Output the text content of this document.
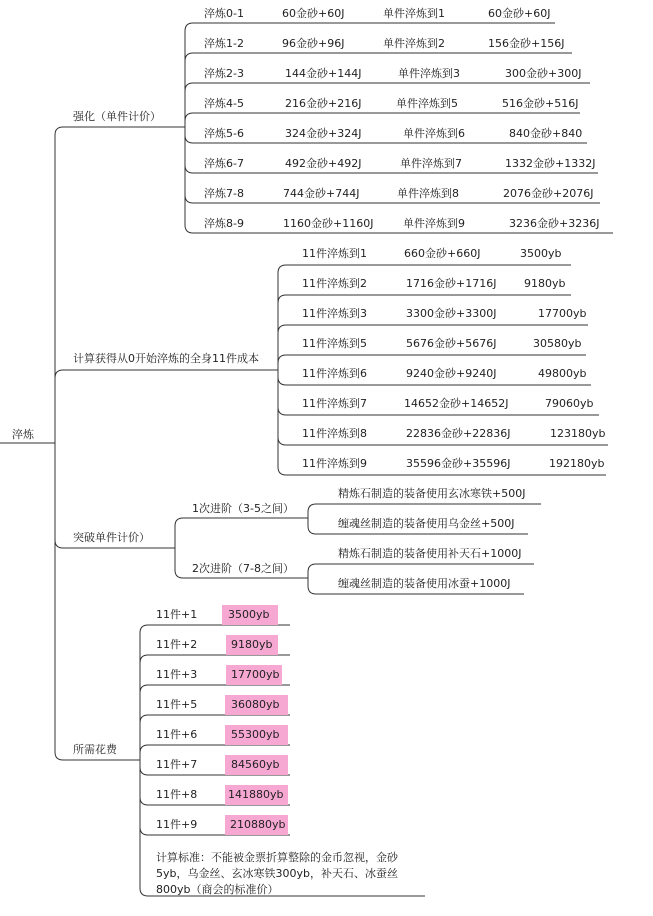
淬炼
强化（单件计价）
计算获得从0开始淬炼的全身11件成本
突破单件计价）
所需花费
淬炼0-1	60金砂+60J	单件淬炼到1	60金砂+60J
淬炼1-2	96金砂+96J	单件淬炼到2	156金砂+156J
淬炼2-3	144金砂+144J	单件淬炼到3	300金砂+300J
淬炼4-5	216金砂+216J	单件淬炼到5	516金砂+516J
淬炼5-6	324金砂+324J	单件淬炼到6	840金砂+840
淬炼6-7	492金砂+492J	单件淬炼到7	1332金砂+1332J
淬炼7-8	744金砂+744J	单件淬炼到8	2076金砂+2076J
淬炼8-9	1160金砂+1160J	单件淬炼到9	3236金砂+3236J
11件淬炼到1	660金砂+660J	3500yb
11件淬炼到2	1716金砂+1716J	9180yb
11件淬炼到3	3300金砂+3300J	17700yb
11件淬炼到5	5676金砂+5676J	30580yb
11件淬炼到6	9240金砂+9240J	49800yb
11件淬炼到7	14652金砂+14652J	79060yb
11件淬炼到8	22836金砂+22836J	123180yb
11件淬炼到9	35596金砂+35596J	192180yb
1次进阶（3-5之间）
精炼石制造的装备使用玄冰寒铁+500J
缠魂丝制造的装备使用乌金丝+500J
2次进阶（7-8之间）
精炼石制造的装备使用补天石+1000J
缠魂丝制造的装备使用冰蚕+1000J
11件+1	3500yb
11件+2	9180yb
11件+3	17700yb
11件+5	36080yb
11件+6	55300yb
11件+7	84560yb
11件+8	141880yb
11件+9	210880yb
计算标准：不能被金票折算整除的金币忽视，金砂5yb，乌金丝、玄冰寒铁300yb，补天石、冰蚕丝800yb（商会的标准价）
